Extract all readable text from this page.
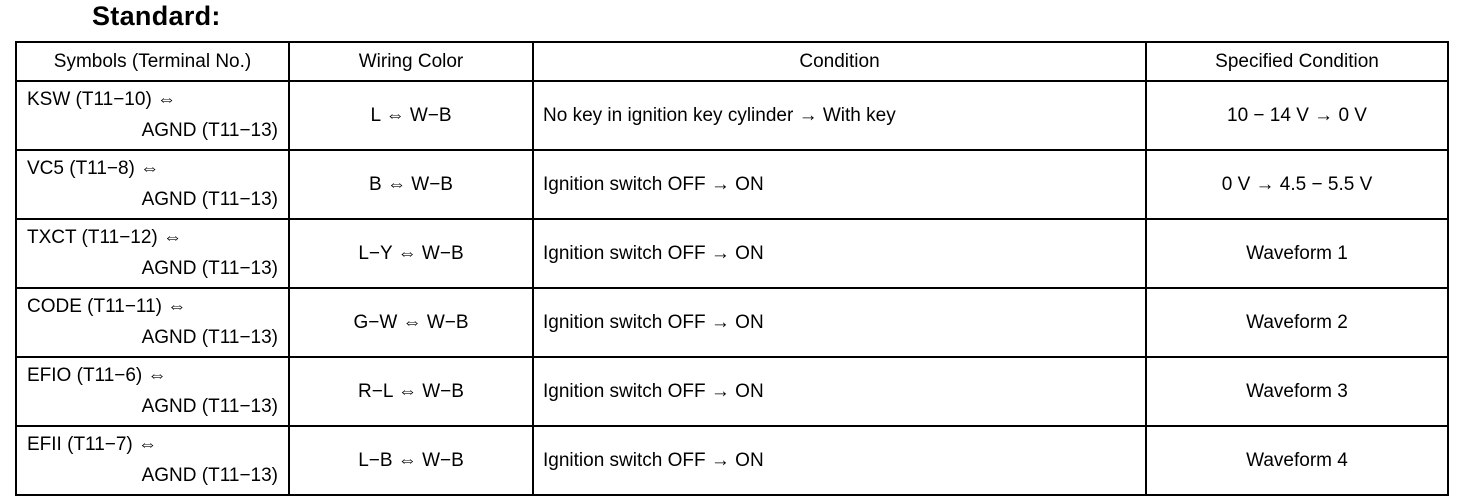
Standard:
Symbols (Terminal No.)	Wiring Color	Condition	Specified Condition

KSW (T11−10) ⇔
AGND (T11−13)	L ⇔ W−B	No key in ignition key cylinder → With key	10 − 14 V → 0 V

VC5 (T11−8) ⇔
AGND (T11−13)	B ⇔ W−B	Ignition switch OFF → ON	0 V → 4.5 − 5.5 V

TXCT (T11−12) ⇔
AGND (T11−13)	L−Y ⇔ W−B	Ignition switch OFF → ON	Waveform 1

CODE (T11−11) ⇔
AGND (T11−13)	G−W ⇔ W−B	Ignition switch OFF → ON	Waveform 2

EFIO (T11−6) ⇔
AGND (T11−13)	R−L ⇔ W−B	Ignition switch OFF → ON	Waveform 3

EFII (T11−7) ⇔
AGND (T11−13)	L−B ⇔ W−B	Ignition switch OFF → ON	Waveform 4
